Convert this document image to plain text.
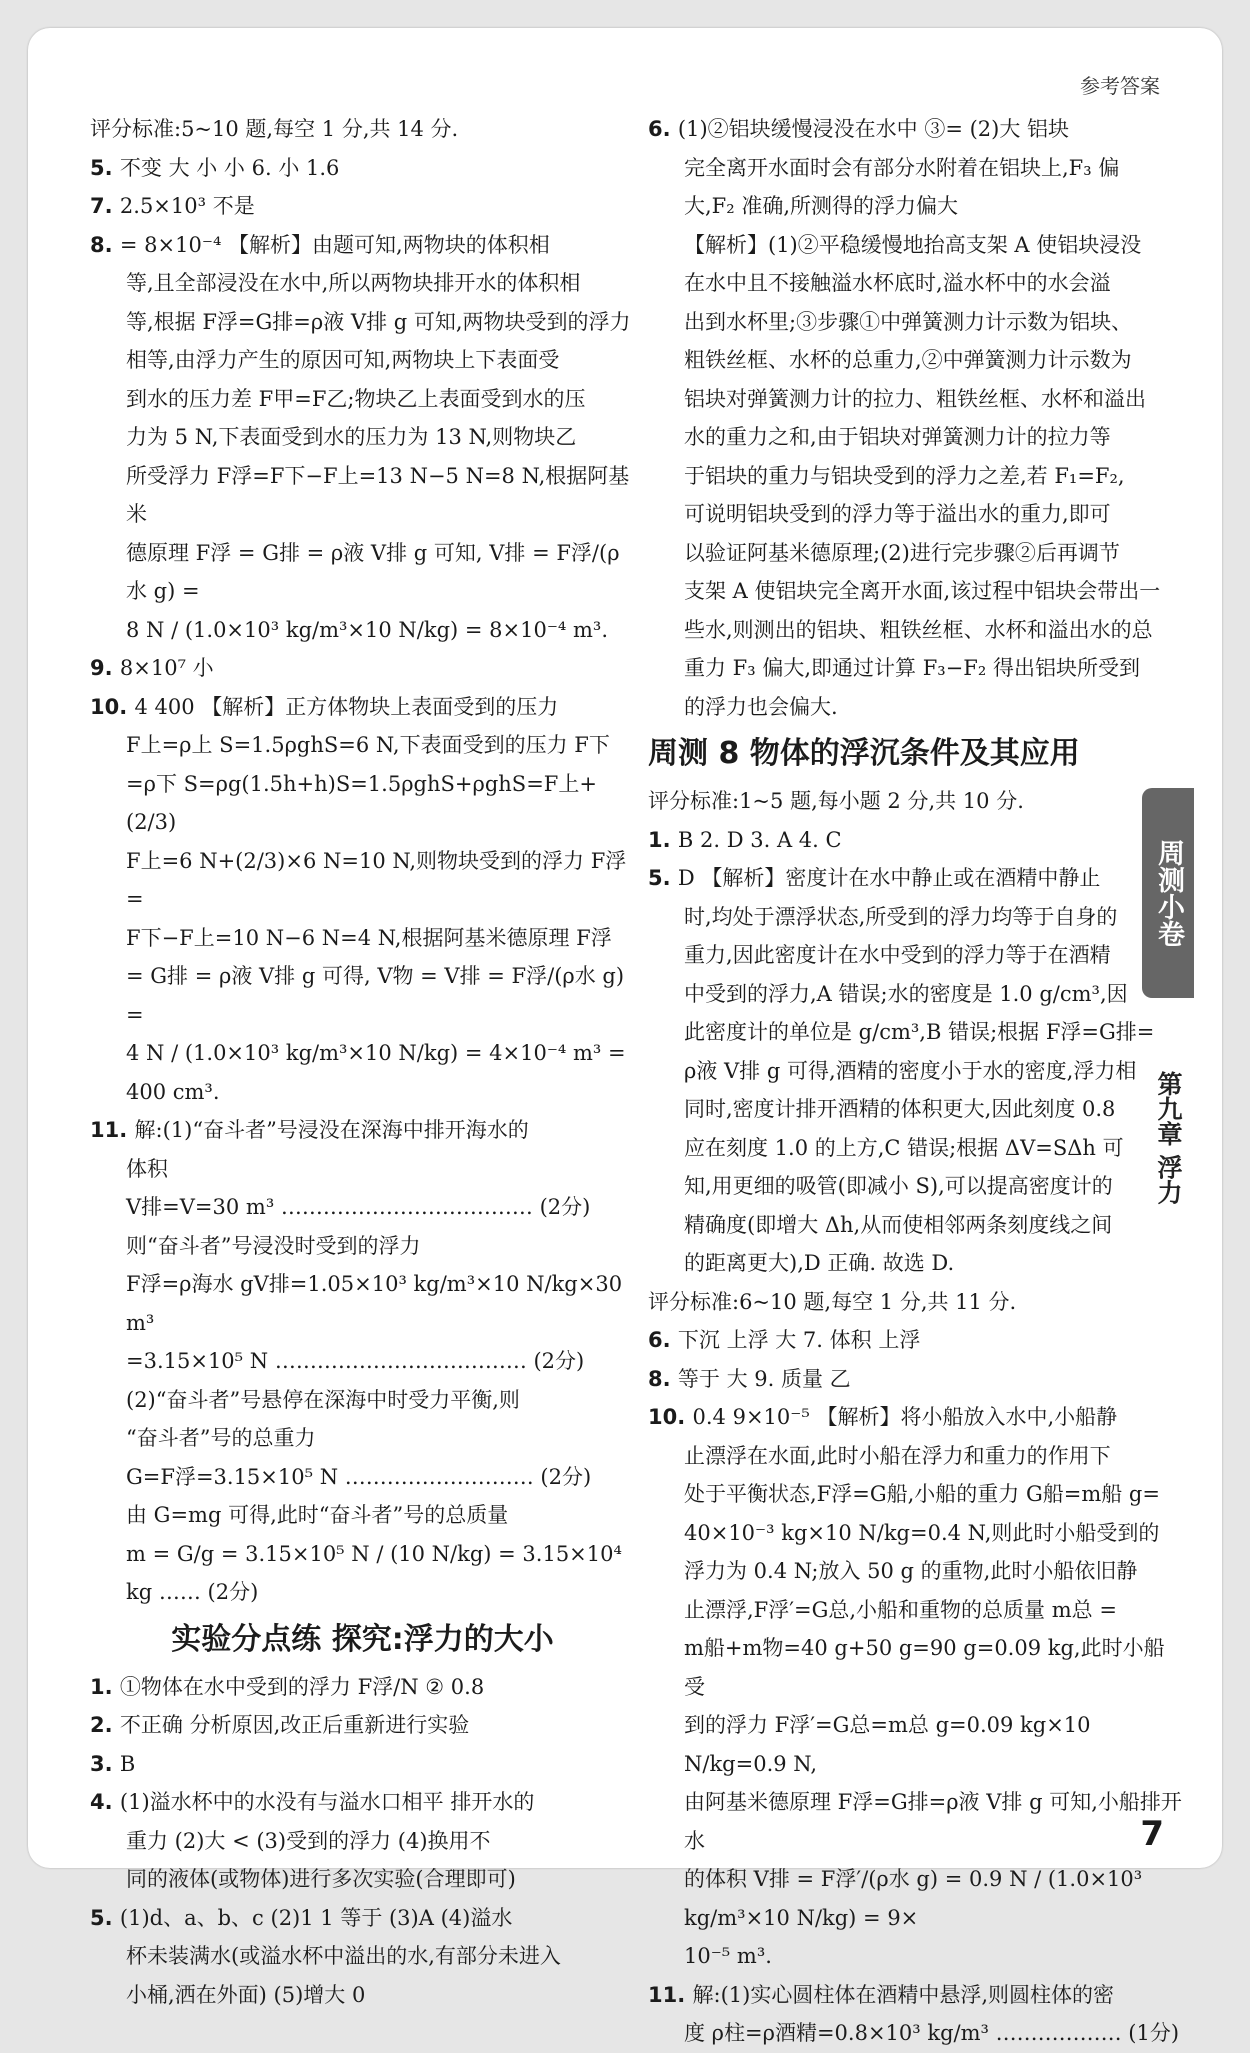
参考答案

评分标准:5~10 题,每空 1 分,共 14 分.

5. 不变 大 小 小 6. 小 1.6

7. 2.5×10³ 不是

8. = 8×10⁻⁴ 【解析】由题可知,两物块的体积相

等,且全部浸没在水中,所以两物块排开水的体积相

等,根据 F浮=G排=ρ液 V排 g 可知,两物块受到的浮力

相等,由浮力产生的原因可知,两物块上下表面受

到水的压力差 F甲=F乙;物块乙上表面受到水的压

力为 5 N,下表面受到水的压力为 13 N,则物块乙

所受浮力 F浮=F下−F上=13 N−5 N=8 N,根据阿基米

德原理 F浮 = G排 = ρ液 V排 g 可知, V排 = F浮/(ρ水 g) =

8 N / (1.0×10³ kg/m³×10 N/kg) = 8×10⁻⁴ m³.

9. 8×10⁷ 小

10. 4 400 【解析】正方体物块上表面受到的压力

F上=ρ上 S=1.5ρghS=6 N,下表面受到的压力 F下

=ρ下 S=ρg(1.5h+h)S=1.5ρghS+ρghS=F上+(2/3)

F上=6 N+(2/3)×6 N=10 N,则物块受到的浮力 F浮=

F下−F上=10 N−6 N=4 N,根据阿基米德原理 F浮

= G排 = ρ液 V排 g 可得, V物 = V排 = F浮/(ρ水 g) =

4 N / (1.0×10³ kg/m³×10 N/kg) = 4×10⁻⁴ m³ = 400 cm³.

11. 解:(1)“奋斗者”号浸没在深海中排开海水的

体积

V排=V=30 m³ ……………………………… (2分)

则“奋斗者”号浸没时受到的浮力

F浮=ρ海水 gV排=1.05×10³ kg/m³×10 N/kg×30 m³

=3.15×10⁵ N ……………………………… (2分)

(2)“奋斗者”号悬停在深海中时受力平衡,则

“奋斗者”号的总重力

G=F浮=3.15×10⁵ N ……………………… (2分)

由 G=mg 可得,此时“奋斗者”号的总质量

m = G/g = 3.15×10⁵ N / (10 N/kg) = 3.15×10⁴ kg …… (2分)

实验分点练 探究:浮力的大小

1. ①物体在水中受到的浮力 F浮/N ② 0.8

2. 不正确 分析原因,改正后重新进行实验

3. B

4. (1)溢水杯中的水没有与溢水口相平 排开水的

重力 (2)大 < (3)受到的浮力 (4)换用不

同的液体(或物体)进行多次实验(合理即可)

5. (1)d、a、b、c (2)1 1 等于 (3)A (4)溢水

杯未装满水(或溢水杯中溢出的水,有部分未进入

小桶,洒在外面) (5)增大 0

6. (1)②铝块缓慢浸没在水中 ③= (2)大 铝块

完全离开水面时会有部分水附着在铝块上,F₃ 偏

大,F₂ 准确,所测得的浮力偏大

【解析】(1)②平稳缓慢地抬高支架 A 使铝块浸没

在水中且不接触溢水杯底时,溢水杯中的水会溢

出到水杯里;③步骤①中弹簧测力计示数为铝块、

粗铁丝框、水杯的总重力,②中弹簧测力计示数为

铝块对弹簧测力计的拉力、粗铁丝框、水杯和溢出

水的重力之和,由于铝块对弹簧测力计的拉力等

于铝块的重力与铝块受到的浮力之差,若 F₁=F₂,

可说明铝块受到的浮力等于溢出水的重力,即可

以验证阿基米德原理;(2)进行完步骤②后再调节

支架 A 使铝块完全离开水面,该过程中铝块会带出一

些水,则测出的铝块、粗铁丝框、水杯和溢出水的总

重力 F₃ 偏大,即通过计算 F₃−F₂ 得出铝块所受到

的浮力也会偏大.

周测 8 物体的浮沉条件及其应用

评分标准:1~5 题,每小题 2 分,共 10 分.

1. B 2. D 3. A 4. C

5. D 【解析】密度计在水中静止或在酒精中静止

时,均处于漂浮状态,所受到的浮力均等于自身的

重力,因此密度计在水中受到的浮力等于在酒精

中受到的浮力,A 错误;水的密度是 1.0 g/cm³,因

此密度计的单位是 g/cm³,B 错误;根据 F浮=G排=

ρ液 V排 g 可得,酒精的密度小于水的密度,浮力相

同时,密度计排开酒精的体积更大,因此刻度 0.8

应在刻度 1.0 的上方,C 错误;根据 ΔV=SΔh 可

知,用更细的吸管(即减小 S),可以提高密度计的

精确度(即增大 Δh,从而使相邻两条刻度线之间

的距离更大),D 正确. 故选 D.

评分标准:6~10 题,每空 1 分,共 11 分.

6. 下沉 上浮 大 7. 体积 上浮

8. 等于 大 9. 质量 乙

10. 0.4 9×10⁻⁵ 【解析】将小船放入水中,小船静

止漂浮在水面,此时小船在浮力和重力的作用下

处于平衡状态,F浮=G船,小船的重力 G船=m船 g=

40×10⁻³ kg×10 N/kg=0.4 N,则此时小船受到的

浮力为 0.4 N;放入 50 g 的重物,此时小船依旧静

止漂浮,F浮′=G总,小船和重物的总质量 m总 =

m船+m物=40 g+50 g=90 g=0.09 kg,此时小船受

到的浮力 F浮′=G总=m总 g=0.09 kg×10 N/kg=0.9 N,

由阿基米德原理 F浮=G排=ρ液 V排 g 可知,小船排开水

的体积 V排 = F浮′/(ρ水 g) = 0.9 N / (1.0×10³ kg/m³×10 N/kg) = 9×

10⁻⁵ m³.

11. 解:(1)实心圆柱体在酒精中悬浮,则圆柱体的密

度 ρ柱=ρ酒精=0.8×10³ kg/m³ ……………… (1分)

周测小卷
第九章 浮力
7
